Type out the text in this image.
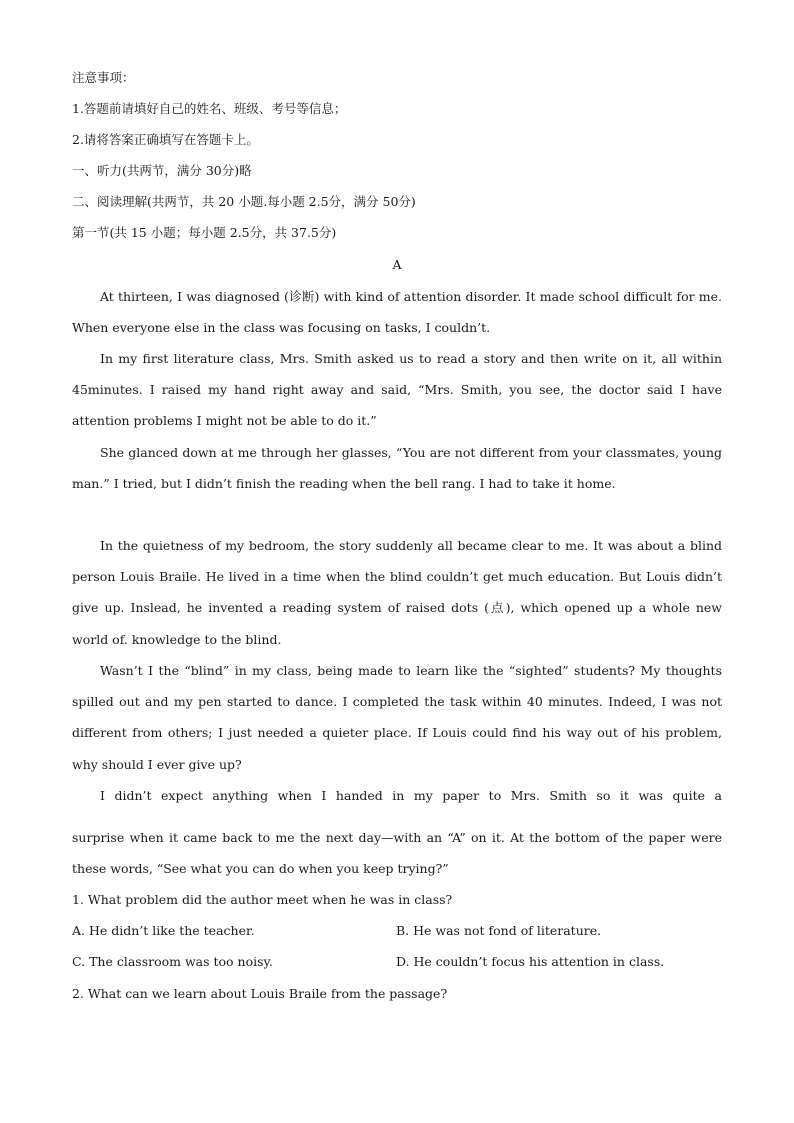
注意事项：
1.答题前请填好自己的姓名、班级、考号等信息；
2.请将答案正确填写在答题卡上。
一、听力(共两节，满分 30分)略
二、阅读理解(共两节，共 20 小题.每小题 2.5分，满分 50分)
第一节(共 15 小题；每小题 2.5分，共 37.5分)
A

At thirteen, I was diagnosed (诊断) with kind of attention disorder. It made school difficult for me. When everyone else in the class was focusing on tasks, I couldn’t.

In my first literature class, Mrs. Smith asked us to read a story and then write on it, all within 45minutes. I raised my hand right away and said, “Mrs. Smith, you see, the doctor said I have attention problems I might not be able to do it.”

She glanced down at me through her glasses, “You are not different from your classmates, young man.” I tried, but I didn’t finish the reading when the bell rang. I had to take it home.

In the quietness of my bedroom, the story suddenly all became clear to me. It was about a blind person Louis Braile. He lived in a time when the blind couldn’t get much education. But Louis didn’t give up. Inslead, he invented a reading system of raised dots (点), which opened up a whole new world of. knowledge to the blind.

Wasn’t I the “blind” in my class, being made to learn like the “sighted” students? My thoughts spilled out and my pen started to dance. I completed the task within 40 minutes. Indeed, I was not different from others; I just needed a quieter place. If Louis could find his way out of his problem, why should I ever give up?

I didn’t expect anything when I handed in my paper to Mrs. Smith so it was quite a

surprise when it came back to me the next day—with an “A” on it. At the bottom of the paper were these words, “See what you can do when you keep trying?”

1. What problem did the author meet when he was in class?
A. He didn’t like the teacher.	B. He was not fond of literature.
C. The classroom was too noisy.	D. He couldn’t focus his attention in class.
2. What can we learn about Louis Braile from the passage?
